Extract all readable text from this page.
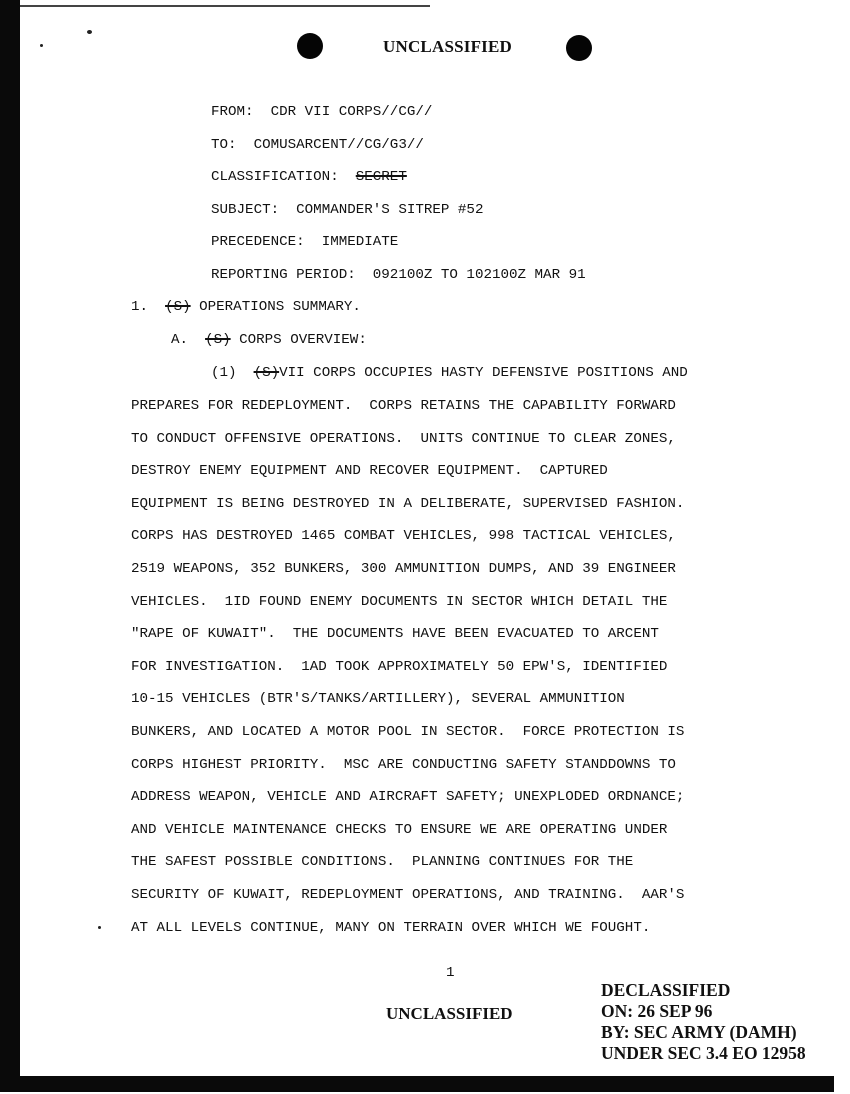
UNCLASSIFIED
FROM: CDR VII CORPS//CG//
TO: COMUSARCENT//CG/G3//
CLASSIFICATION: SECRET
SUBJECT: COMMANDER'S SITREP #52
PRECEDENCE: IMMEDIATE
REPORTING PERIOD: 092100Z TO 102100Z MAR 91
1. (S) OPERATIONS SUMMARY.
A. (S) CORPS OVERVIEW:
(1) (S)VII CORPS OCCUPIES HASTY DEFENSIVE POSITIONS AND

PREPARES FOR REDEPLOYMENT.  CORPS RETAINS THE CAPABILITY FORWARD

TO CONDUCT OFFENSIVE OPERATIONS.  UNITS CONTINUE TO CLEAR ZONES,

DESTROY ENEMY EQUIPMENT AND RECOVER EQUIPMENT.  CAPTURED

EQUIPMENT IS BEING DESTROYED IN A DELIBERATE, SUPERVISED FASHION.

CORPS HAS DESTROYED 1465 COMBAT VEHICLES, 998 TACTICAL VEHICLES,

2519 WEAPONS, 352 BUNKERS, 300 AMMUNITION DUMPS, AND 39 ENGINEER

VEHICLES.  1ID FOUND ENEMY DOCUMENTS IN SECTOR WHICH DETAIL THE

"RAPE OF KUWAIT".  THE DOCUMENTS HAVE BEEN EVACUATED TO ARCENT

FOR INVESTIGATION.  1AD TOOK APPROXIMATELY 50 EPW'S, IDENTIFIED

10-15 VEHICLES (BTR'S/TANKS/ARTILLERY), SEVERAL AMMUNITION

BUNKERS, AND LOCATED A MOTOR POOL IN SECTOR.  FORCE PROTECTION IS

CORPS HIGHEST PRIORITY.  MSC ARE CONDUCTING SAFETY STANDDOWNS TO

ADDRESS WEAPON, VEHICLE AND AIRCRAFT SAFETY; UNEXPLODED ORDNANCE;

AND VEHICLE MAINTENANCE CHECKS TO ENSURE WE ARE OPERATING UNDER

THE SAFEST POSSIBLE CONDITIONS.  PLANNING CONTINUES FOR THE

SECURITY OF KUWAIT, REDEPLOYMENT OPERATIONS, AND TRAINING.  AAR'S

AT ALL LEVELS CONTINUE, MANY ON TERRAIN OVER WHICH WE FOUGHT.

1
UNCLASSIFIED
DECLASSIFIED
ON: 26 SEP 96
BY: SEC ARMY (DAMH)
UNDER SEC 3.4 EO 12958
